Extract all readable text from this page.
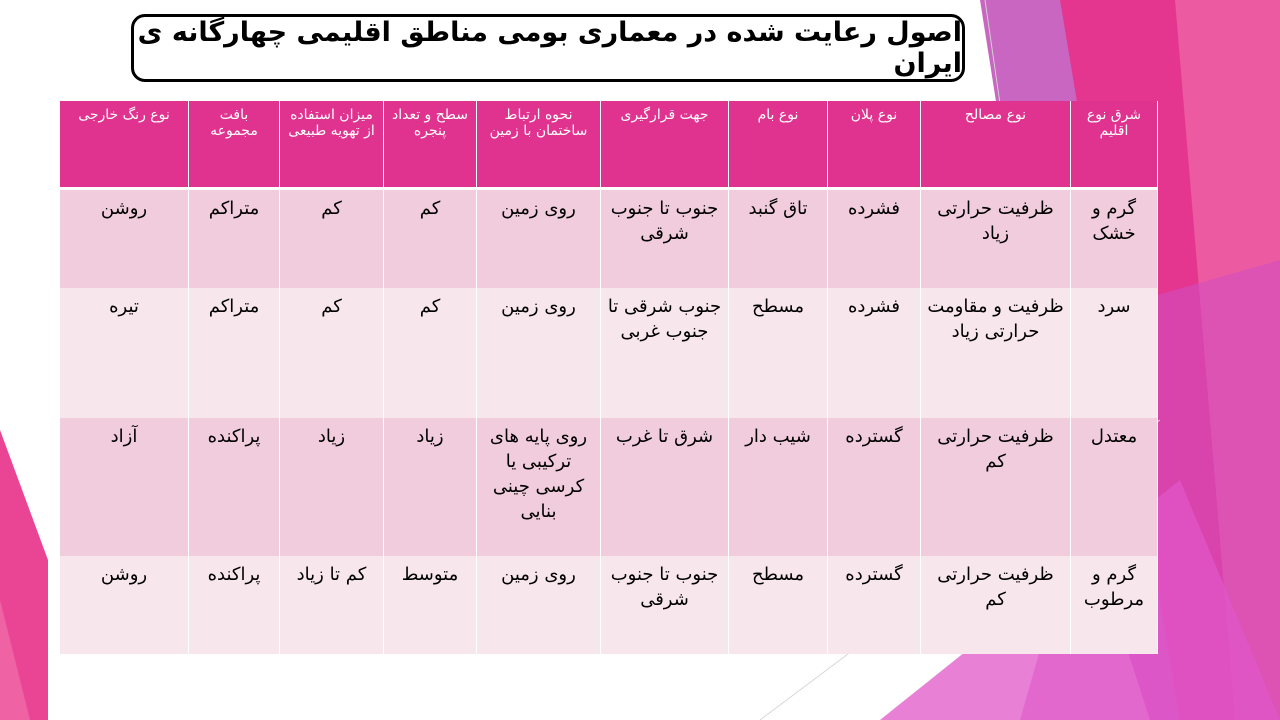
اصول رعایت شده در معماری بومی مناطق اقلیمی چهارگانه ی ایران
شرق نوع اقلیم	نوع مصالح	نوع پلان	نوع بام	جهت قرارگیری	نحوه ارتباط ساختمان با زمین	سطح و تعداد پنجره	میزان استفاده از تهویه طبیعی	بافت مجموعه	نوع رنگ خارجی
گرم و خشک	ظرفیت حرارتی زیاد	فشرده	تاق گنبد	جنوب تا جنوب شرقی	روی زمین	کم	کم	متراکم	روشن
سرد	ظرفیت و مقاومت حرارتی زیاد	فشرده	مسطح	جنوب شرقی تا جنوب غربی	روی زمین	کم	کم	متراکم	تیره
معتدل	ظرفیت حرارتی کم	گسترده	شیب دار	شرق تا غرب	روی پایه های ترکیبی یا کرسی چینی بنایی	زیاد	زیاد	پراکنده	آزاد
گرم و مرطوب	ظرفیت حرارتی کم	گسترده	مسطح	جنوب تا جنوب شرقی	روی زمین	متوسط	کم تا زیاد	پراکنده	روشن
